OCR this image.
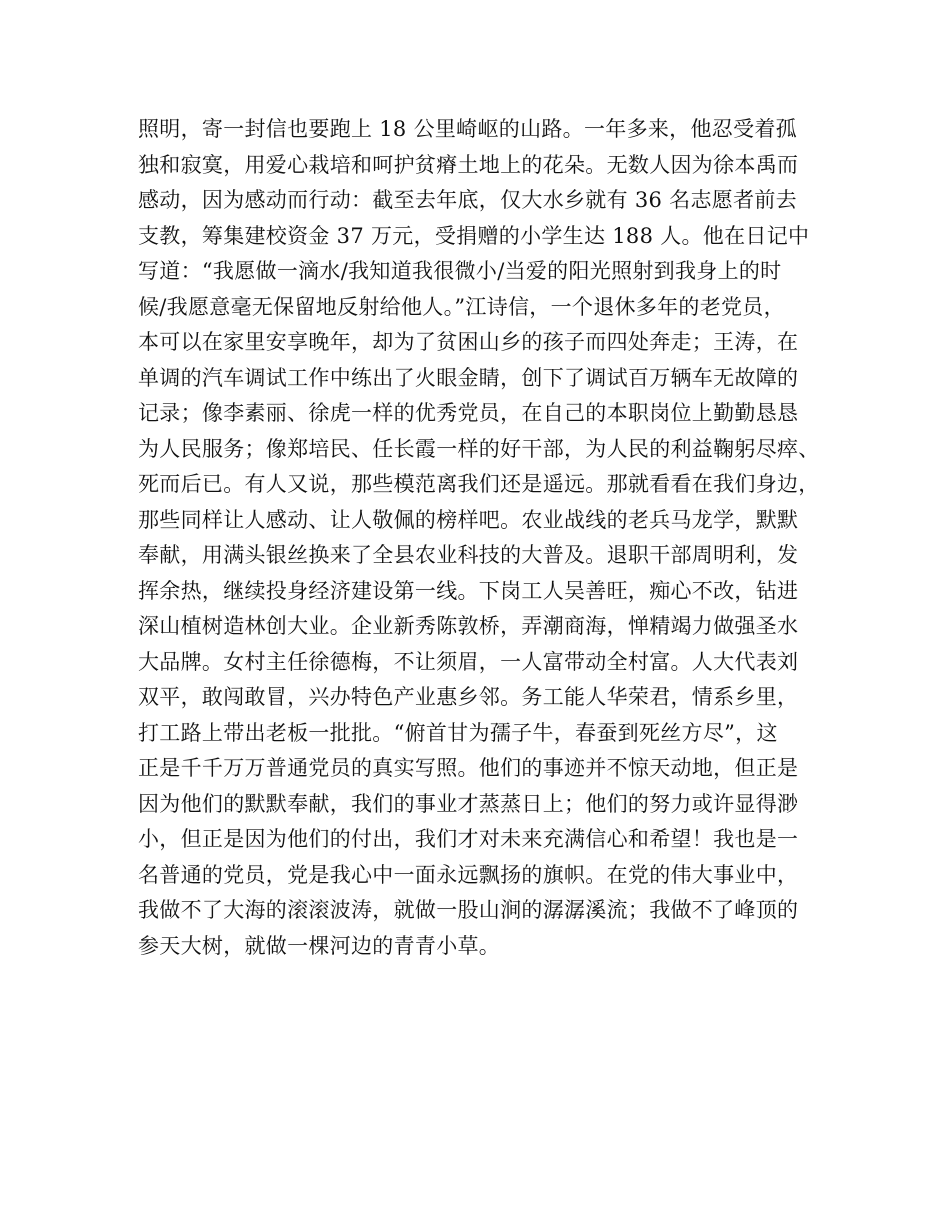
照明，寄一封信也要跑上 18 公里崎岖的山路。一年多来，他忍受着孤
独和寂寞，用爱心栽培和呵护贫瘠土地上的花朵。无数人因为徐本禹而
感动，因为感动而行动：截至去年底，仅大水乡就有 36 名志愿者前去
支教，筹集建校资金 37 万元，受捐赠的小学生达 188 人。他在日记中
写道：“我愿做一滴水/我知道我很微小/当爱的阳光照射到我身上的时
候/我愿意毫无保留地反射给他人。”江诗信，一个退休多年的老党员，
本可以在家里安享晚年，却为了贫困山乡的孩子而四处奔走；王涛，在
单调的汽车调试工作中练出了火眼金睛，创下了调试百万辆车无故障的
记录；像李素丽、徐虎一样的优秀党员，在自己的本职岗位上勤勤恳恳
为人民服务；像郑培民、任长霞一样的好干部，为人民的利益鞠躬尽瘁、
死而后已。有人又说，那些模范离我们还是遥远。那就看看在我们身边，
那些同样让人感动、让人敬佩的榜样吧。农业战线的老兵马龙学，默默
奉献，用满头银丝换来了全县农业科技的大普及。退职干部周明利，发
挥余热，继续投身经济建设第一线。下岗工人吴善旺，痴心不改，钻进
深山植树造林创大业。企业新秀陈敦桥，弄潮商海，惮精竭力做强圣水
大品牌。女村主任徐德梅，不让须眉，一人富带动全村富。人大代表刘
双平，敢闯敢冒，兴办特色产业惠乡邻。务工能人华荣君，情系乡里，
打工路上带出老板一批批。“俯首甘为孺子牛，春蚕到死丝方尽”，这
正是千千万万普通党员的真实写照。他们的事迹并不惊天动地，但正是
因为他们的默默奉献，我们的事业才蒸蒸日上；他们的努力或许显得渺
小，但正是因为他们的付出，我们才对未来充满信心和希望！我也是一
名普通的党员，党是我心中一面永远飘扬的旗帜。在党的伟大事业中，
我做不了大海的滚滚波涛，就做一股山涧的潺潺溪流；我做不了峰顶的
参天大树，就做一棵河边的青青小草。
